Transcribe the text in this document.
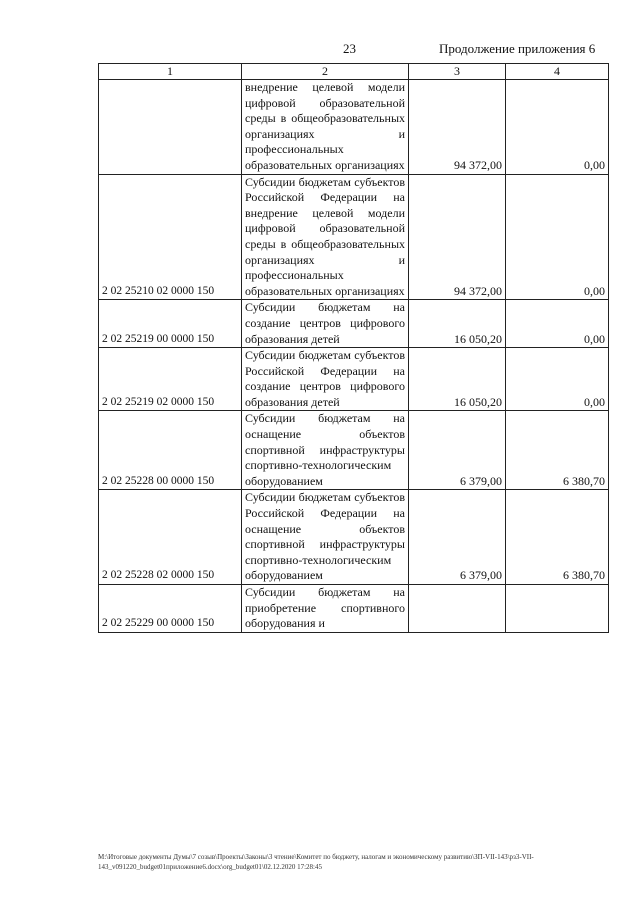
23	Продолжение приложения 6
1	2	3	4
	внедрение целевой модели цифровой образовательной среды в общеобразовательных организациях и профессиональных образовательных организациях	94 372,00	0,00
2 02 25210 02 0000 150	Субсидии бюджетам субъектов Российской Федерации на внедрение целевой модели цифровой образовательной среды в общеобразовательных организациях и профессиональных образовательных организациях	94 372,00	0,00
2 02 25219 00 0000 150	Субсидии бюджетам на создание центров цифрового образования детей	16 050,20	0,00
2 02 25219 02 0000 150	Субсидии бюджетам субъектов Российской Федерации на создание центров цифрового образования детей	16 050,20	0,00
2 02 25228 00 0000 150	Субсидии бюджетам на оснащение объектов спортивной инфраструктуры спортивно-технологическим оборудованием	6 379,00	6 380,70
2 02 25228 02 0000 150	Субсидии бюджетам субъектов Российской Федерации на оснащение объектов спортивной инфраструктуры спортивно-технологическим оборудованием	6 379,00	6 380,70
2 02 25229 00 0000 150	Субсидии бюджетам на приобретение спортивного оборудования и		
M:\Итоговые документы Думы\7 созыв\Проекты\Законы\3 чтение\Комитет по бюджету, налогам и экономическому развитию\ЗП-VII-143\рз3-VII-143_v091220_budget01приложение6.docx\org_budget01\02.12.2020 17:28:45
